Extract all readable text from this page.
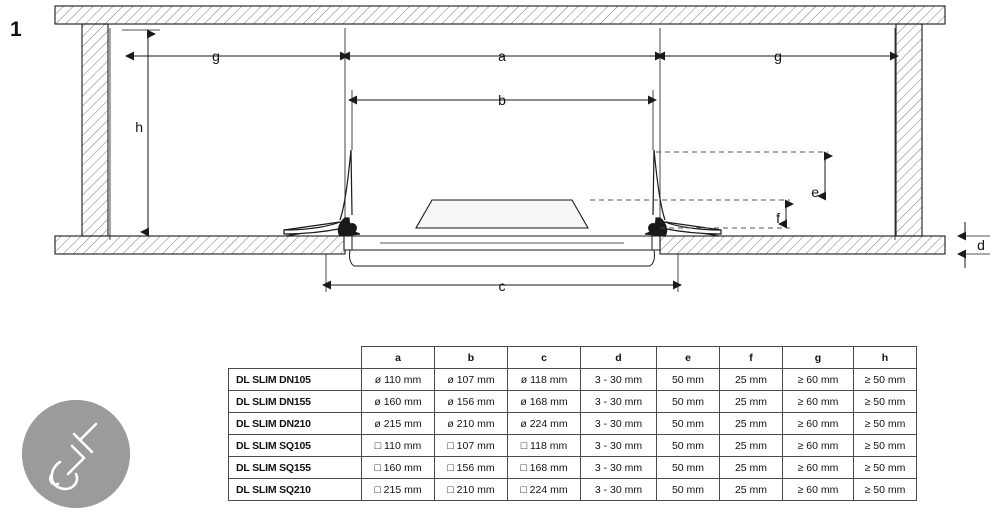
a
b
c
d
e
f
g	g
h
1
	a	b	c	d	e	f	g	h
DL SLIM DN105	ø 110 mm	ø 107 mm	ø 118 mm	3 - 30 mm	50 mm	25 mm	≥ 60 mm	≥ 50 mm
DL SLIM DN155	ø 160 mm	ø 156 mm	ø 168 mm	3 - 30 mm	50 mm	25 mm	≥ 60 mm	≥ 50 mm
DL SLIM DN210	ø 215 mm	ø 210 mm	ø 224 mm	3 - 30 mm	50 mm	25 mm	≥ 60 mm	≥ 50 mm
DL SLIM SQ105	□ 110 mm	□ 107 mm	□ 118 mm	3 - 30 mm	50 mm	25 mm	≥ 60 mm	≥ 50 mm
DL SLIM SQ155	□ 160 mm	□ 156 mm	□ 168 mm	3 - 30 mm	50 mm	25 mm	≥ 60 mm	≥ 50 mm
DL SLIM SQ210	□ 215 mm	□ 210 mm	□ 224 mm	3 - 30 mm	50 mm	25 mm	≥ 60 mm	≥ 50 mm
